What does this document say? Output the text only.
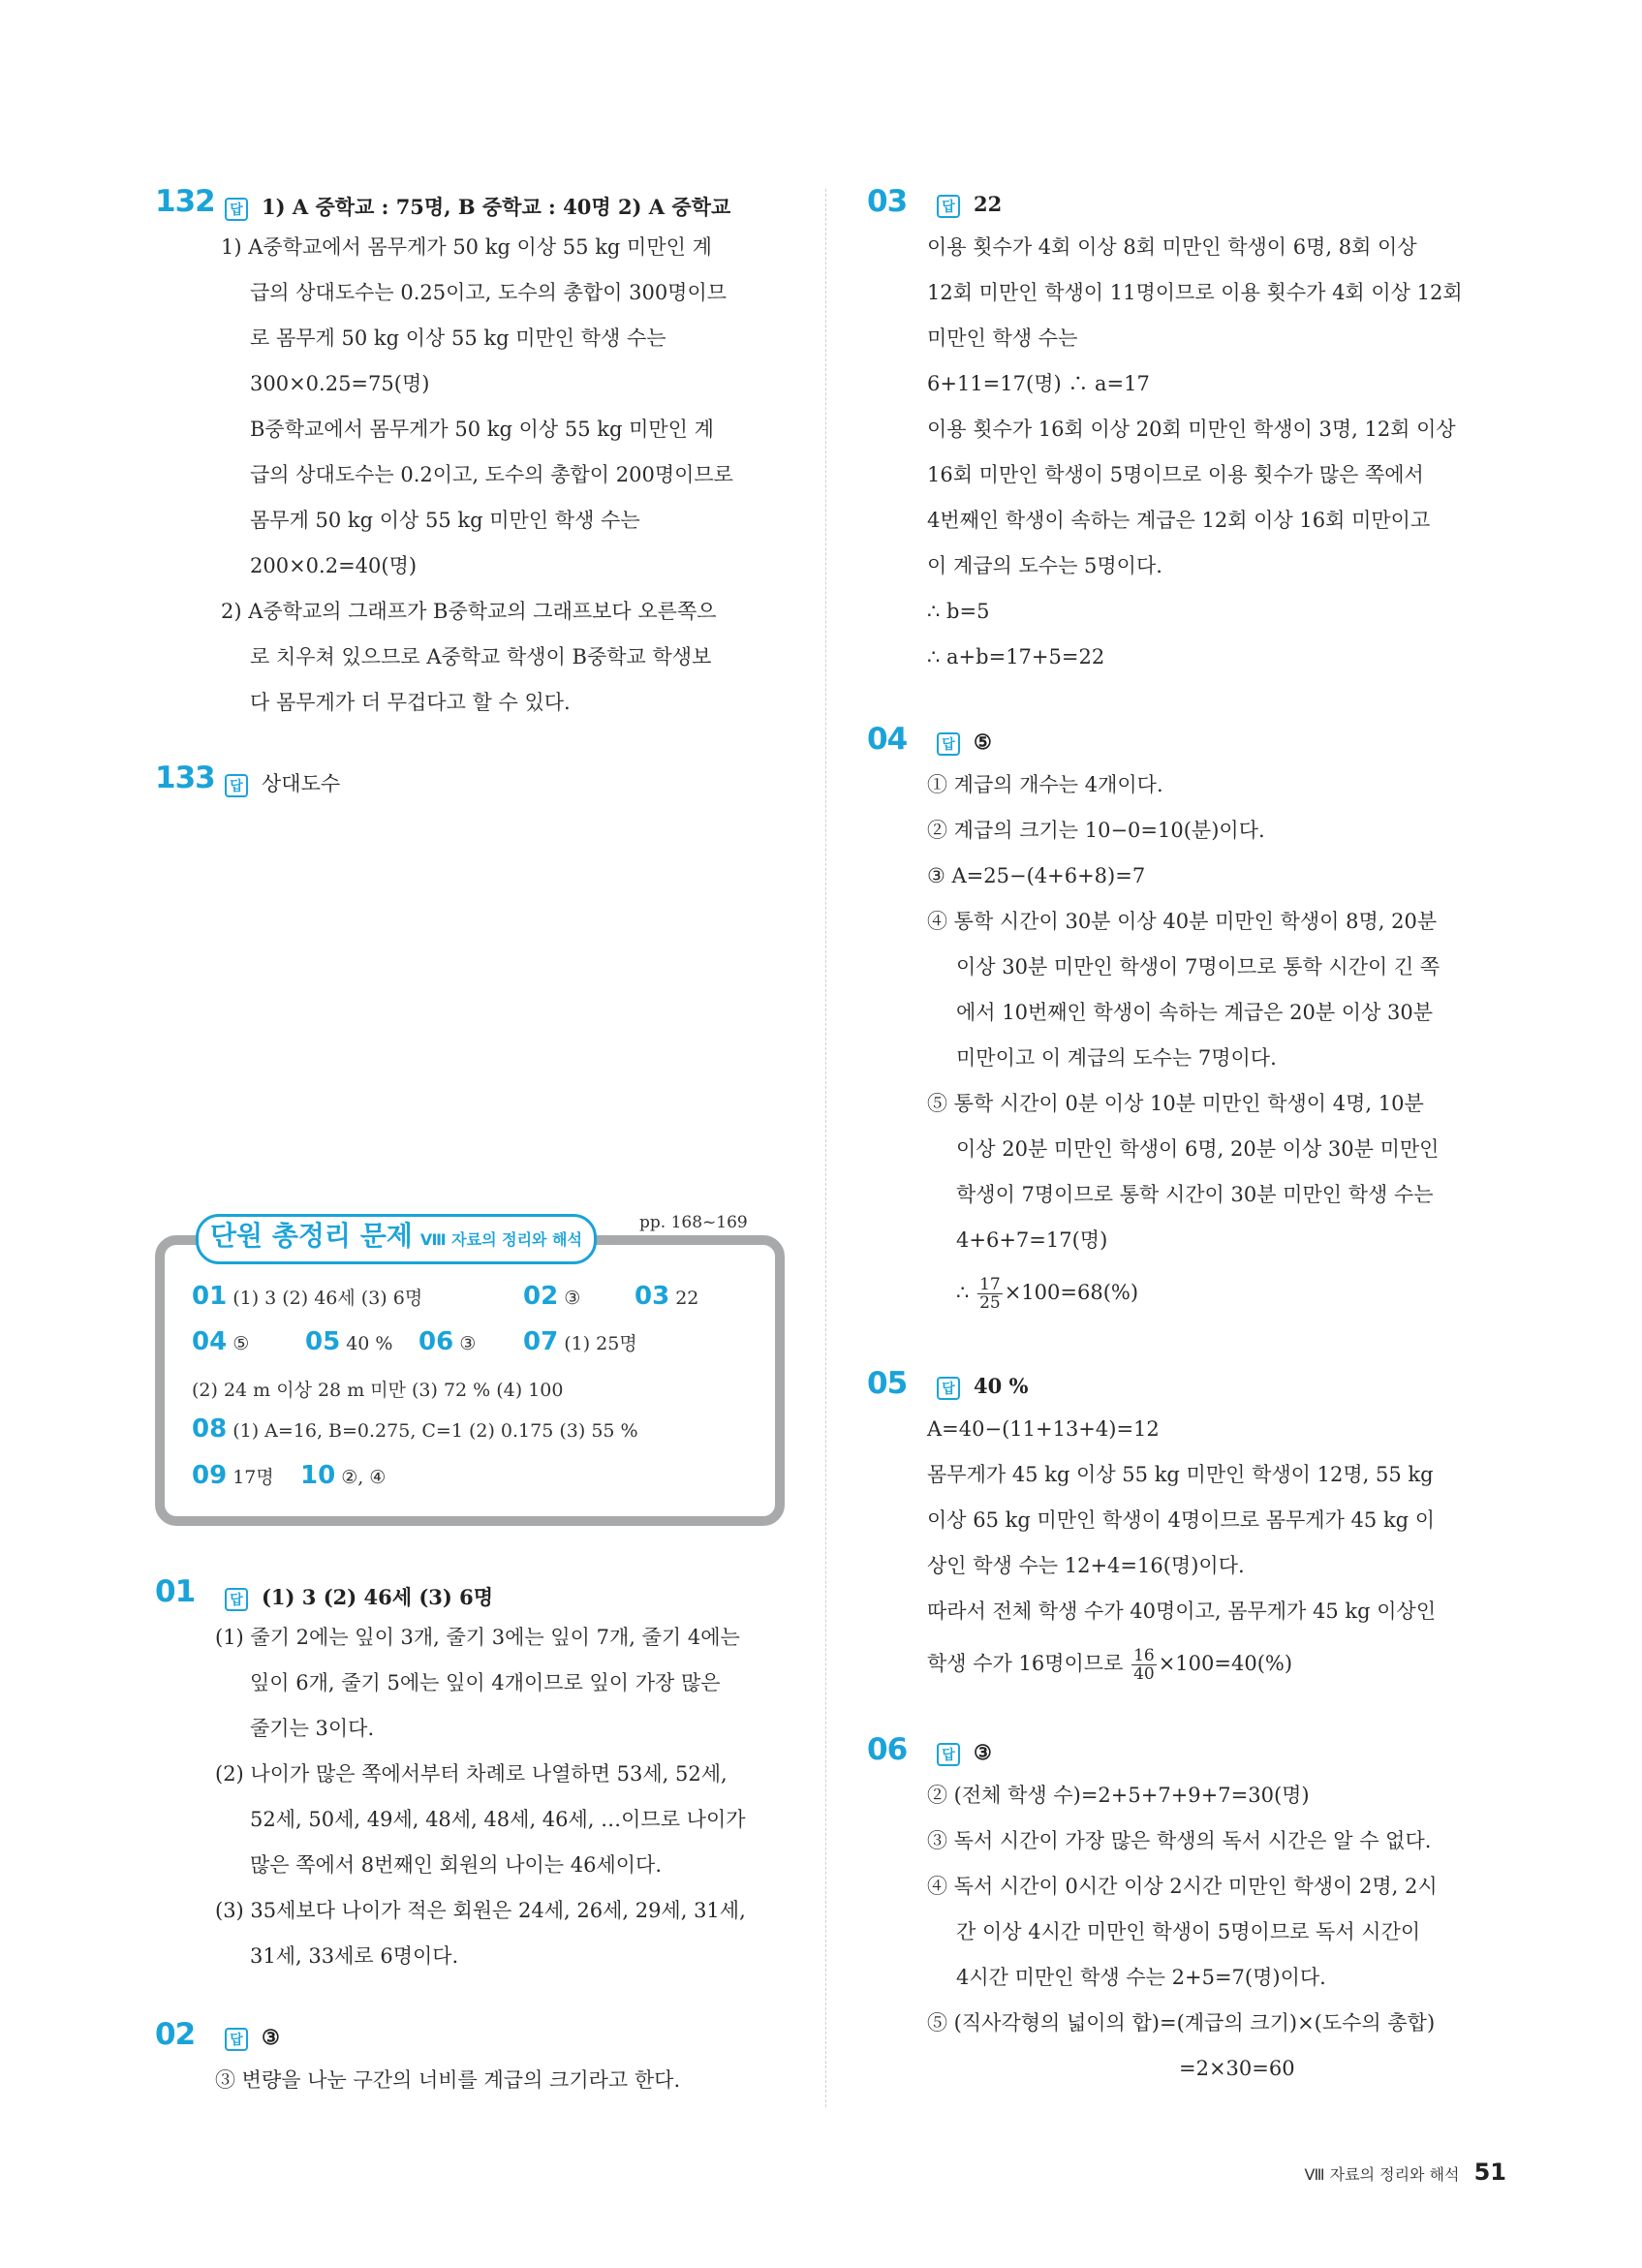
132	답 1) A 중학교 : 75명, B 중학교 : 40명 2) A 중학교
1) A중학교에서 몸무게가 50 kg 이상 55 kg 미만인 계
급의 상대도수는 0.25이고, 도수의 총합이 300명이므
로 몸무게 50 kg 이상 55 kg 미만인 학생 수는
300×0.25=75(명)
B중학교에서 몸무게가 50 kg 이상 55 kg 미만인 계
급의 상대도수는 0.2이고, 도수의 총합이 200명이므로
몸무게 50 kg 이상 55 kg 미만인 학생 수는
200×0.2=40(명)
2) A중학교의 그래프가 B중학교의 그래프보다 오른쪽으
로 치우쳐 있으므로 A중학교 학생이 B중학교 학생보
다 몸무게가 더 무겁다고 할 수 있다.
133	답 상대도수
단원 총정리 문제 Ⅷ 자료의 정리와 해석
pp. 168~169
01 (1) 3 (2) 46세 (3) 6명	02 ③ 03 22
04 ⑤ 05 40 % 06 ③ 07 (1) 25명
(2) 24 m 이상 28 m 미만 (3) 72 % (4) 100
08 (1) A=16, B=0.275, C=1 (2) 0.175 (3) 55 %
09 17명 10 ②, ④
01	답 (1) 3 (2) 46세 (3) 6명
(1) 줄기 2에는 잎이 3개, 줄기 3에는 잎이 7개, 줄기 4에는
잎이 6개, 줄기 5에는 잎이 4개이므로 잎이 가장 많은
줄기는 3이다.
(2) 나이가 많은 쪽에서부터 차례로 나열하면 53세, 52세,
52세, 50세, 49세, 48세, 48세, 46세, …이므로 나이가
많은 쪽에서 8번째인 회원의 나이는 46세이다.
(3) 35세보다 나이가 적은 회원은 24세, 26세, 29세, 31세,
31세, 33세로 6명이다.
02	답 ③
③ 변량을 나눈 구간의 너비를 계급의 크기라고 한다.
03	답 22
이용 횟수가 4회 이상 8회 미만인 학생이 6명, 8회 이상
12회 미만인 학생이 11명이므로 이용 횟수가 4회 이상 12회
미만인 학생 수는
6+11=17(명) ∴ a=17
이용 횟수가 16회 이상 20회 미만인 학생이 3명, 12회 이상
16회 미만인 학생이 5명이므로 이용 횟수가 많은 쪽에서
4번째인 학생이 속하는 계급은 12회 이상 16회 미만이고
이 계급의 도수는 5명이다.
∴ b=5
∴ a+b=17+5=22
04	답 ⑤
① 계급의 개수는 4개이다.
② 계급의 크기는 10−0=10(분)이다.
③ A=25−(4+6+8)=7
④ 통학 시간이 30분 이상 40분 미만인 학생이 8명, 20분
이상 30분 미만인 학생이 7명이므로 통학 시간이 긴 쪽
에서 10번째인 학생이 속하는 계급은 20분 이상 30분
미만이고 이 계급의 도수는 7명이다.
⑤ 통학 시간이 0분 이상 10분 미만인 학생이 4명, 10분
이상 20분 미만인 학생이 6명, 20분 이상 30분 미만인
학생이 7명이므로 통학 시간이 30분 미만인 학생 수는
4+6+7=17(명)
∴ $\frac{17}{25} \times 100=68(\%)$
05	답 40 %
A=40−(11+13+4)=12
몸무게가 45 kg 이상 55 kg 미만인 학생이 12명, 55 kg
이상 65 kg 미만인 학생이 4명이므로 몸무게가 45 kg 이
상인 학생 수는 12+4=16(명)이다.
따라서 전체 학생 수가 40명이고, 몸무게가 45 kg 이상인
학생 수가 16명이므로 $\frac{16}{40} \times 100=40(\%)$
06	답 ③
② (전체 학생 수)=2+5+7+9+7=30(명)
③ 독서 시간이 가장 많은 학생의 독서 시간은 알 수 없다.
④ 독서 시간이 0시간 이상 2시간 미만인 학생이 2명, 2시
간 이상 4시간 미만인 학생이 5명이므로 독서 시간이
4시간 미만인 학생 수는 2+5=7(명)이다.
⑤ (직사각형의 넓이의 합)=(계급의 크기)×(도수의 총합)
=2×30=60
Ⅷ 자료의 정리와 해석 51
